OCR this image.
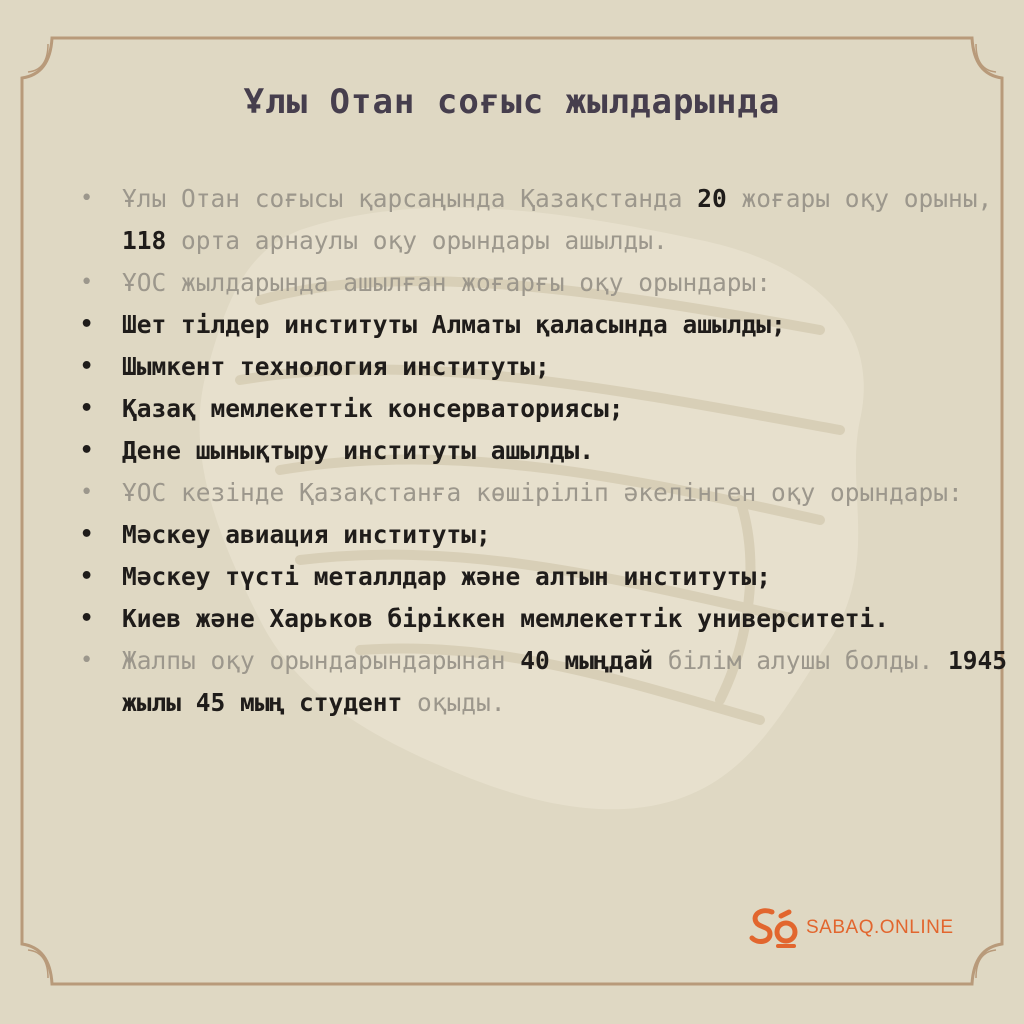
Ұлы Отан соғыс жылдарында
• Ұлы Отан соғысы қарсаңында Қазақстанда 20 жоғары оқу орыны, 118 орта арнаулы оқу орындары ашылды.
• ҰОС жылдарында ашылған жоғарғы оқу орындары:
• Шет тілдер институты Алматы қаласында ашылды;
• Шымкент технология институты;
• Қазақ мемлекеттік консерваториясы;
• Дене шынықтыру институты ашылды.
• ҰОС кезінде Қазақстанға көшіріліп әкелінген оқу орындары:
• Мәскеу авиация институты;
• Мәскеу түсті металлдар және алтын институты;
• Киев және Харьков біріккен мемлекеттік университеті.
• Жалпы оқу орындарындарынан 40 мыңдай білім алушы болды. 1945 жылы 45 мың студент оқыды.
SABAQ.ONLINE
